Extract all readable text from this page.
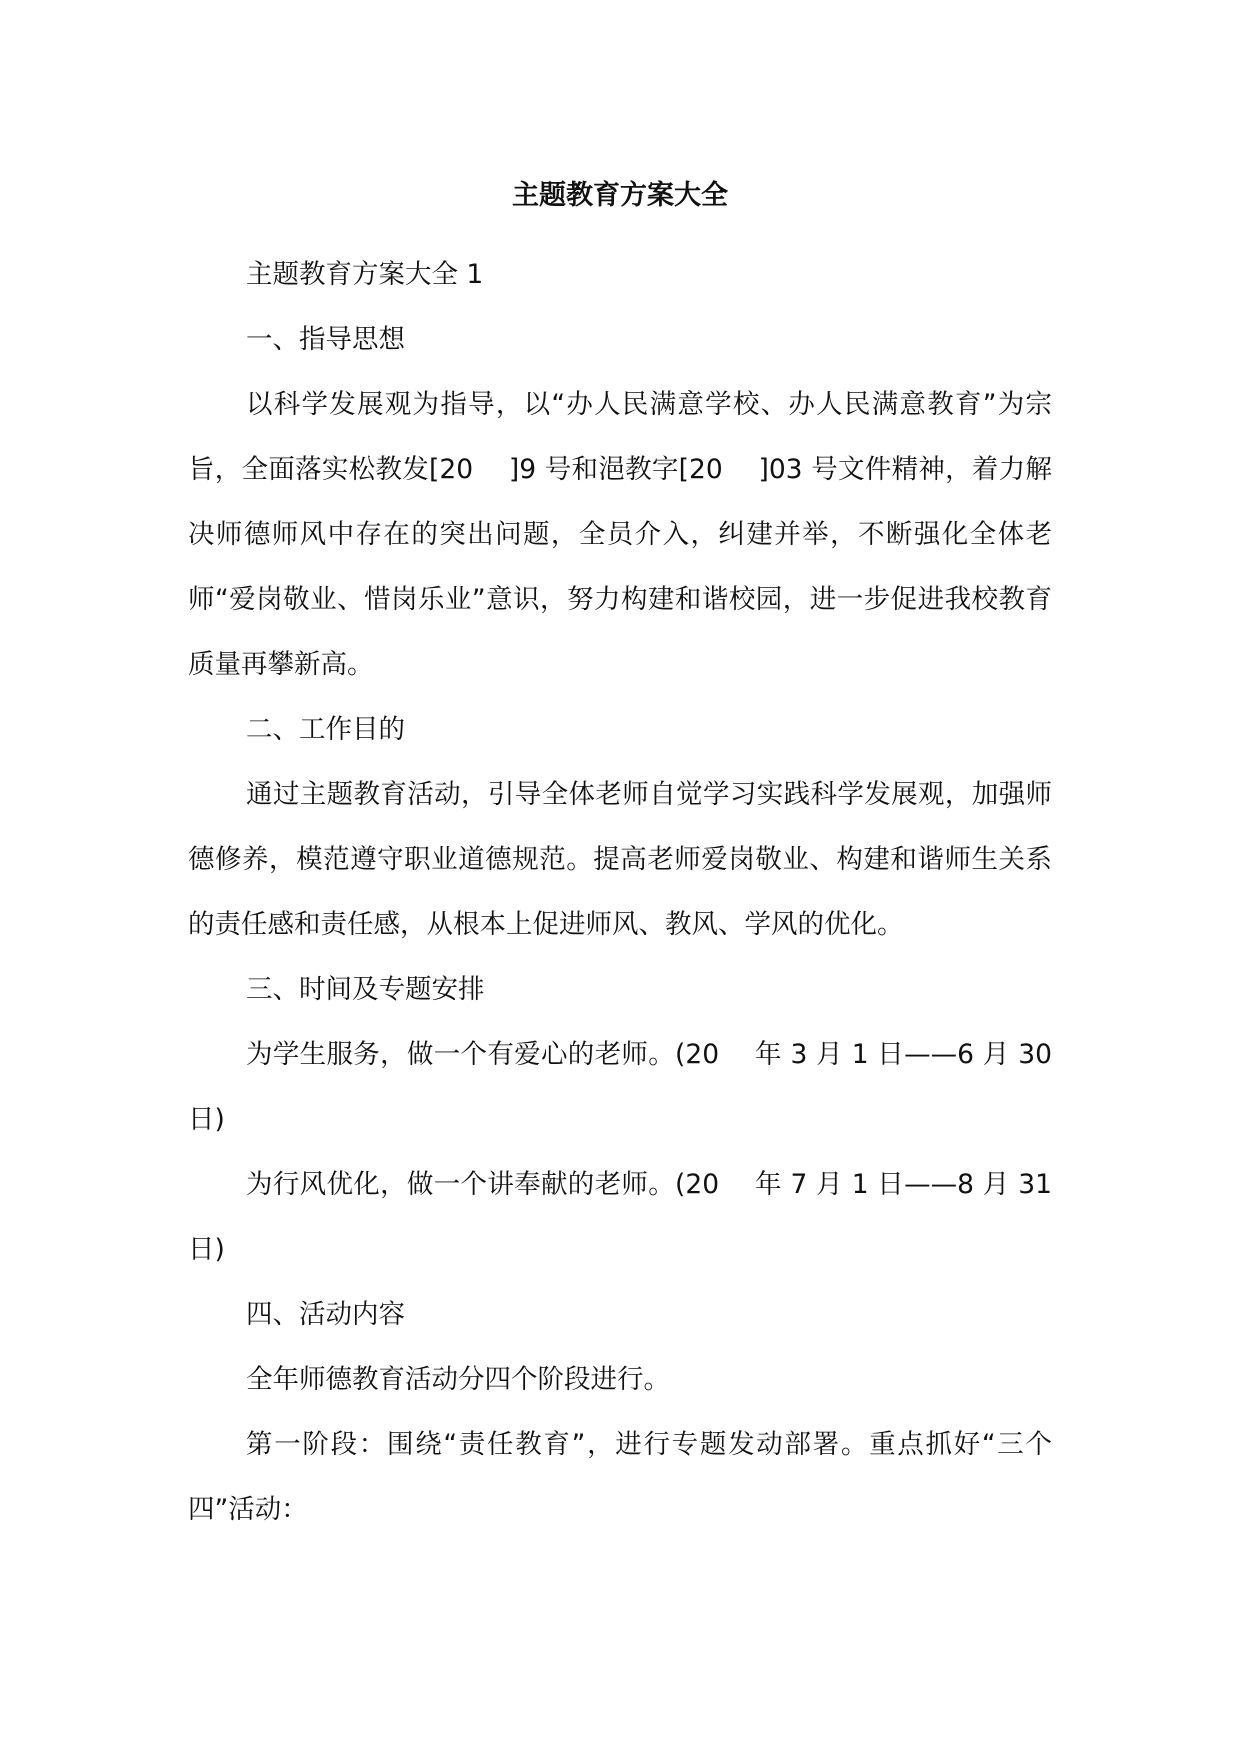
主题教育方案大全

主题教育方案大全 1

一、指导思想

以科学发展观为指导，以“办人民满意学校、办人民满意教育”为宗旨，全面落实松教发[20　 ]9 号和浥教字[20　 ]03 号文件精神，着力解决师德师风中存在的突出问题，全员介入，纠建并举，不断强化全体老师“爱岗敬业、惜岗乐业”意识，努力构建和谐校园，进一步促进我校教育质量再攀新高。

二、工作目的

通过主题教育活动，引导全体老师自觉学习实践科学发展观，加强师德修养，模范遵守职业道德规范。提高老师爱岗敬业、构建和谐师生关系的责任感和责任感，从根本上促进师风、教风、学风的优化。

三、时间及专题安排

为学生服务，做一个有爱心的老师。(20　 年 3 月 1 日——6 月 30 日)

为行风优化，做一个讲奉献的老师。(20　 年 7 月 1 日——8 月 31 日)

四、活动内容

全年师德教育活动分四个阶段进行。

第一阶段：围绕“责任教育”，进行专题发动部署。重点抓好“三个四”活动：
